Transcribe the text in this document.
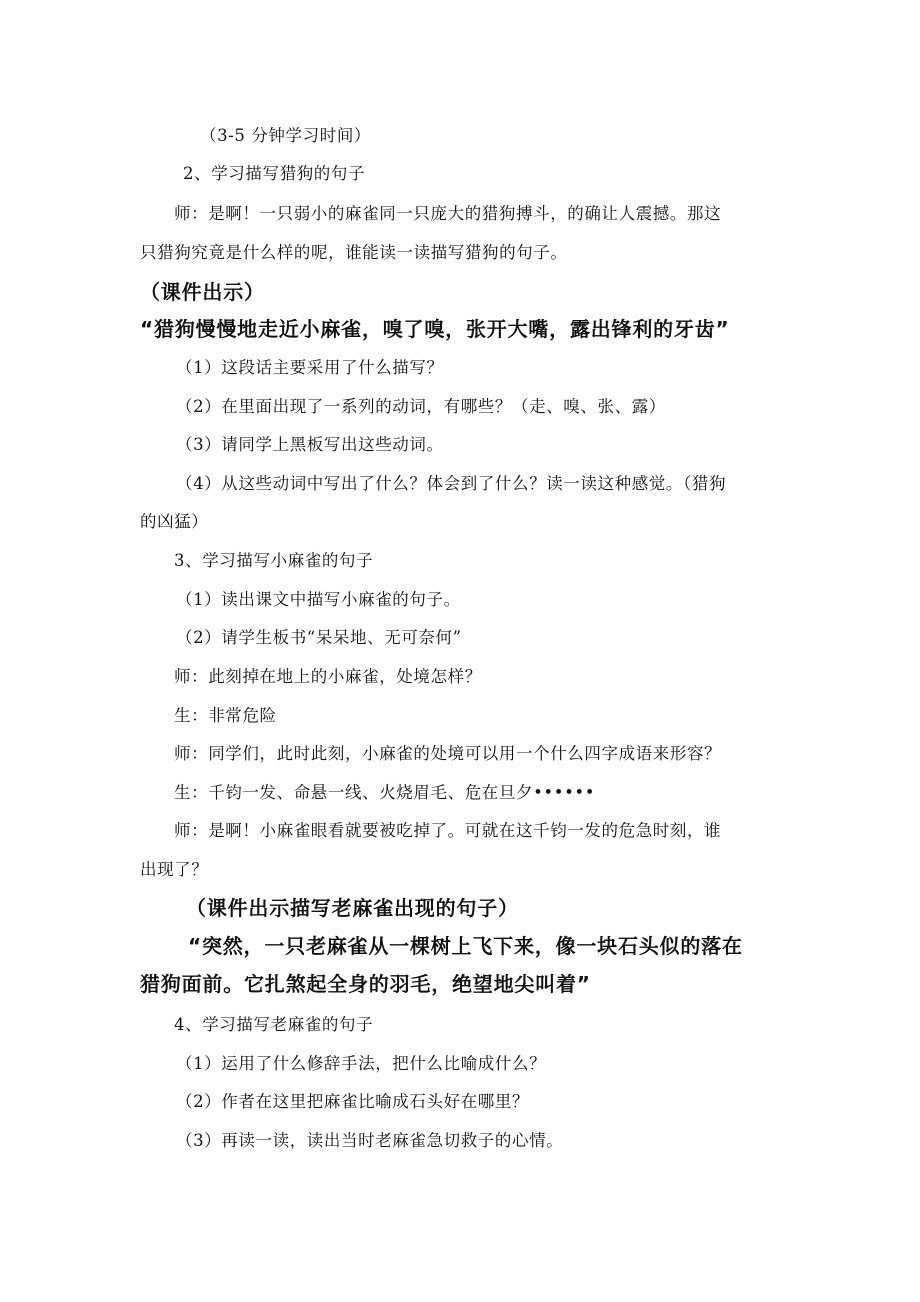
（3-5 分钟学习时间）
2、学习描写猎狗的句子
师：是啊！一只弱小的麻雀同一只庞大的猎狗搏斗，的确让人震撼。那这
只猎狗究竟是什么样的呢，谁能读一读描写猎狗的句子。
（课件出示）
“猎狗慢慢地走近小麻雀，嗅了嗅，张开大嘴，露出锋利的牙齿”
（1）这段话主要采用了什么描写？
（2）在里面出现了一系列的动词，有哪些？（走、嗅、张、露）
（3）请同学上黑板写出这些动词。
（4）从这些动词中写出了什么？体会到了什么？读一读这种感觉。（猎狗
的凶猛）
3、学习描写小麻雀的句子
（1）读出课文中描写小麻雀的句子。
（2）请学生板书“呆呆地、无可奈何”
师：此刻掉在地上的小麻雀，处境怎样？
生：非常危险
师：同学们，此时此刻，小麻雀的处境可以用一个什么四字成语来形容？
生：千钧一发、命悬一线、火烧眉毛、危在旦夕••••••
师：是啊！小麻雀眼看就要被吃掉了。可就在这千钧一发的危急时刻，谁
出现了？
（课件出示描写老麻雀出现的句子）
“突然，一只老麻雀从一棵树上飞下来，像一块石头似的落在
猎狗面前。它扎煞起全身的羽毛，绝望地尖叫着”
4、学习描写老麻雀的句子
（1）运用了什么修辞手法，把什么比喻成什么？
（2）作者在这里把麻雀比喻成石头好在哪里？
（3）再读一读，读出当时老麻雀急切救子的心情。
